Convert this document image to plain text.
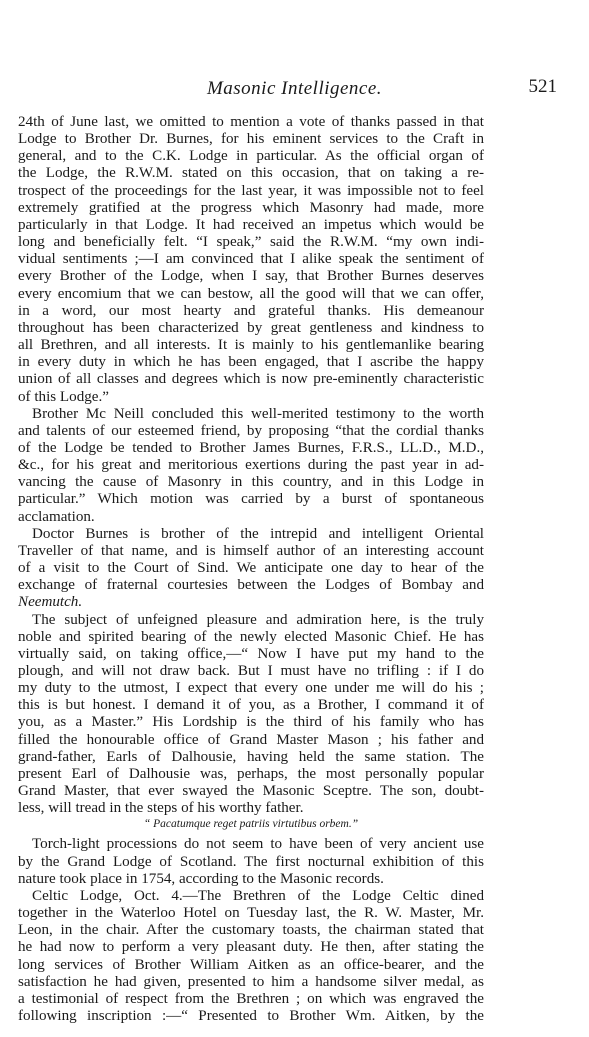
Masonic Intelligence.	521
24th of June last, we omitted to mention a vote of thanks passed in that
Lodge to Brother Dr. Burnes, for his eminent services to the Craft in
general, and to the C.K. Lodge in particular. As the official organ of
the Lodge, the R.W.M. stated on this occasion, that on taking a re-
trospect of the proceedings for the last year, it was impossible not to feel
extremely gratified at the progress which Masonry had made, more
particularly in that Lodge. It had received an impetus which would be
long and beneficially felt. “I speak,” said the R.W.M. “my own indi-
vidual sentiments ;—I am convinced that I alike speak the sentiment of
every Brother of the Lodge, when I say, that Brother Burnes deserves
every encomium that we can bestow, all the good will that we can offer,
in a word, our most hearty and grateful thanks. His demeanour
throughout has been characterized by great gentleness and kindness to
all Brethren, and all interests. It is mainly to his gentlemanlike bearing
in every duty in which he has been engaged, that I ascribe the happy
union of all classes and degrees which is now pre-eminently characteristic
of this Lodge.”
Brother Mc Neill concluded this well-merited testimony to the worth
and talents of our esteemed friend, by proposing “that the cordial thanks
of the Lodge be tended to Brother James Burnes, F.R.S., LL.D., M.D.,
&c., for his great and meritorious exertions during the past year in ad-
vancing the cause of Masonry in this country, and in this Lodge in
particular.” Which motion was carried by a burst of spontaneous
acclamation.
Doctor Burnes is brother of the intrepid and intelligent Oriental
Traveller of that name, and is himself author of an interesting account
of a visit to the Court of Sind. We anticipate one day to hear of the
exchange of fraternal courtesies between the Lodges of Bombay and
Neemutch.
The subject of unfeigned pleasure and admiration here, is the truly
noble and spirited bearing of the newly elected Masonic Chief. He has
virtually said, on taking office,—“ Now I have put my hand to the
plough, and will not draw back. But I must have no trifling : if I do
my duty to the utmost, I expect that every one under me will do his ;
this is but honest. I demand it of you, as a Brother, I command it of
you, as a Master.” His Lordship is the third of his family who has
filled the honourable office of Grand Master Mason ; his father and
grand-father, Earls of Dalhousie, having held the same station. The
present Earl of Dalhousie was, perhaps, the most personally popular
Grand Master, that ever swayed the Masonic Sceptre. The son, doubt-
less, will tread in the steps of his worthy father.
“ Pacatumque reget patriis virtutibus orbem.”
Torch-light processions do not seem to have been of very ancient use
by the Grand Lodge of Scotland. The first nocturnal exhibition of this
nature took place in 1754, according to the Masonic records.
Celtic Lodge, Oct. 4.—The Brethren of the Lodge Celtic dined
together in the Waterloo Hotel on Tuesday last, the R. W. Master, Mr.
Leon, in the chair. After the customary toasts, the chairman stated that
he had now to perform a very pleasant duty. He then, after stating the
long services of Brother William Aitken as an office-bearer, and the
satisfaction he had given, presented to him a handsome silver medal, as
a testimonial of respect from the Brethren ; on which was engraved the
following inscription :—“ Presented to Brother Wm. Aitken, by the
